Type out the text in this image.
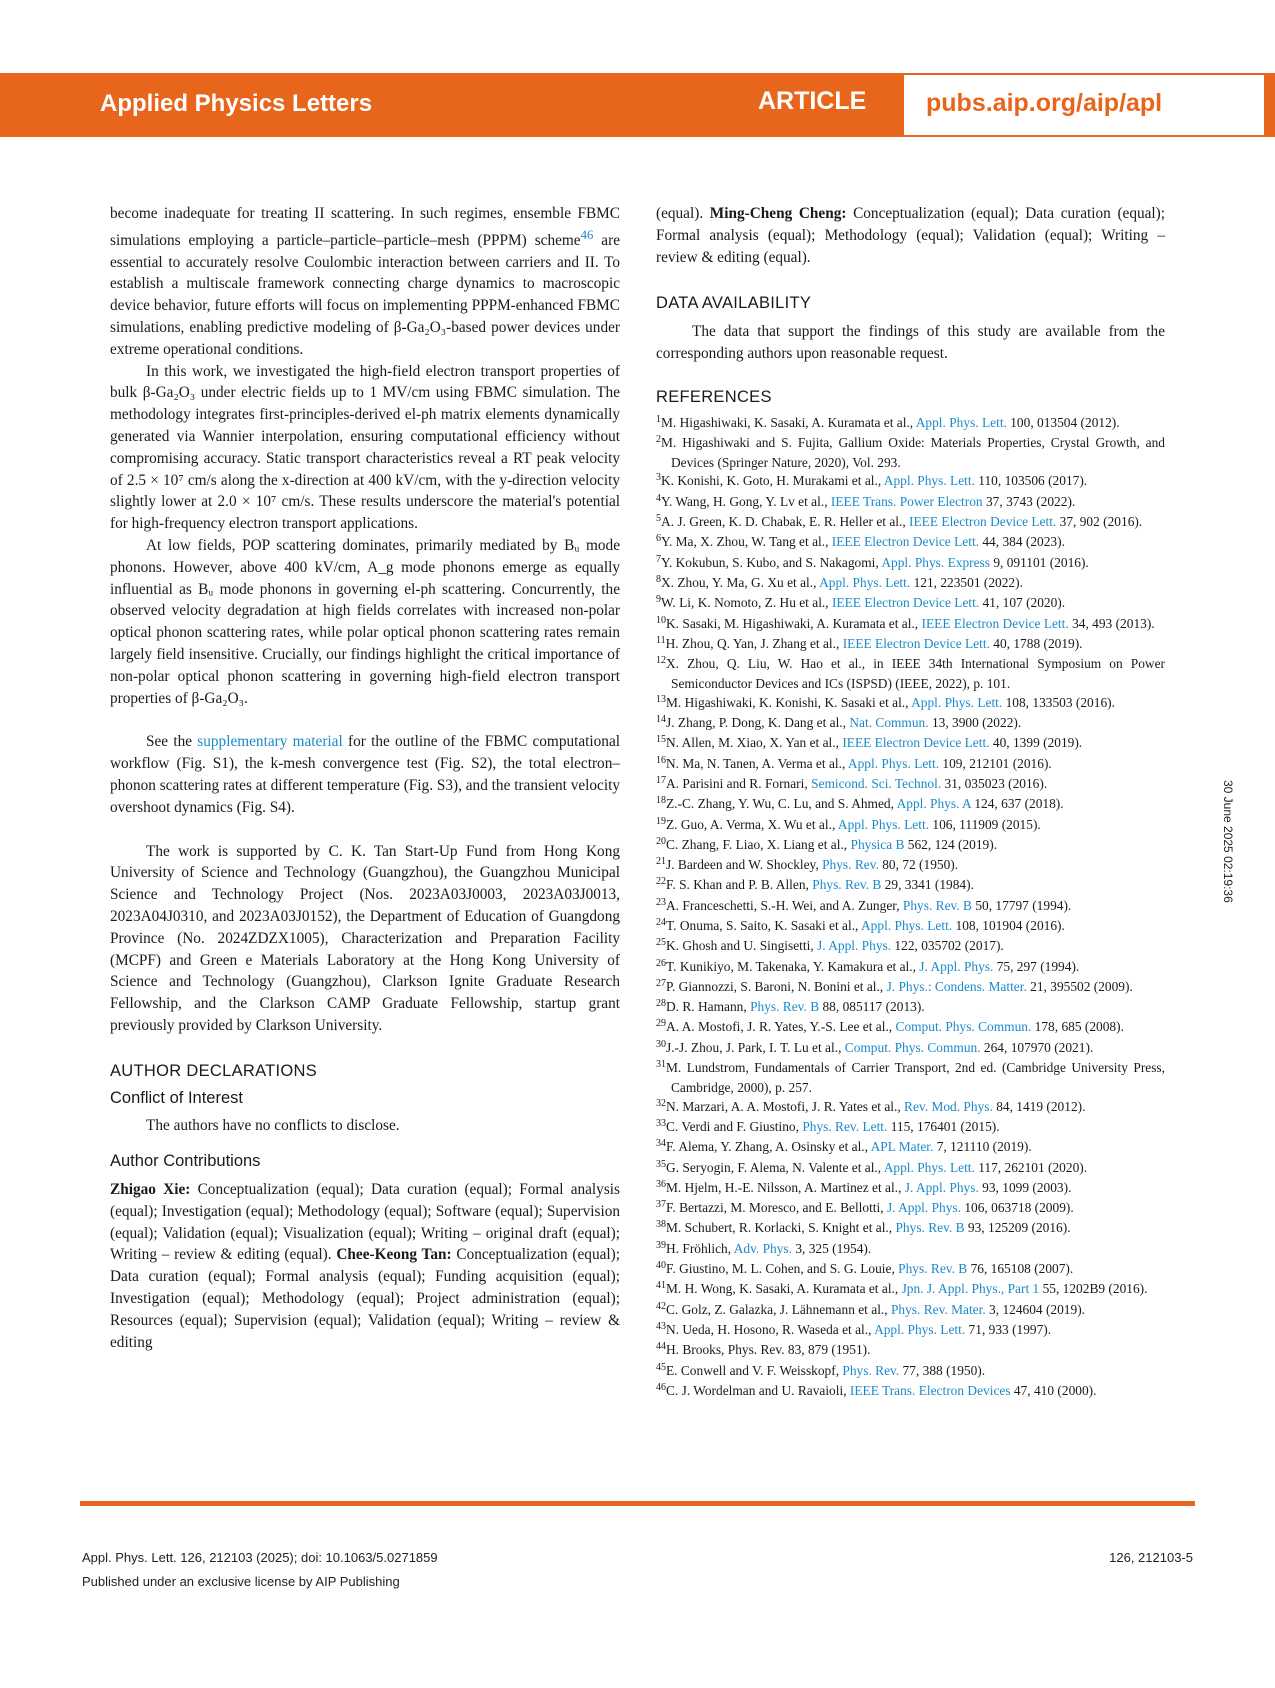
Applied Physics Letters	ARTICLE pubs.aip.org/aip/apl

become inadequate for treating II scattering. In such regimes, ensemble FBMC simulations employing a particle–particle–particle–mesh (PPPM) scheme$^{46}$ are essential to accurately resolve Coulombic interaction between carriers and II. To establish a multiscale framework connecting charge dynamics to macroscopic device behavior, future efforts will focus on implementing PPPM-enhanced FBMC simulations, enabling predictive modeling of β-Ga₂O₃-based power devices under extreme operational conditions.

In this work, we investigated the high-field electron transport properties of bulk β-Ga₂O₃ under electric fields up to 1 MV/cm using FBMC simulation. The methodology integrates first-principles-derived el-ph matrix elements dynamically generated via Wannier interpolation, ensuring computational efficiency without compromising accuracy. Static transport characteristics reveal a RT peak velocity of 2.5 × 10⁷ cm/s along the x-direction at 400 kV/cm, with the y-direction velocity slightly lower at 2.0 × 10⁷ cm/s. These results underscore the material's potential for high-frequency electron transport applications.

At low fields, POP scattering dominates, primarily mediated by Bᵤ mode phonons. However, above 400 kV/cm, A_g mode phonons emerge as equally influential as Bᵤ mode phonons in governing el-ph scattering. Concurrently, the observed velocity degradation at high fields correlates with increased non-polar optical phonon scattering rates, while polar optical phonon scattering rates remain largely field insensitive. Crucially, our findings highlight the critical importance of non-polar optical phonon scattering in governing high-field electron transport properties of β-Ga₂O₃.

See the supplementary material for the outline of the FBMC computational workflow (Fig. S1), the k-mesh convergence test (Fig. S2), the total electron–phonon scattering rates at different temperature (Fig. S3), and the transient velocity overshoot dynamics (Fig. S4).

The work is supported by C. K. Tan Start-Up Fund from Hong Kong University of Science and Technology (Guangzhou), the Guangzhou Municipal Science and Technology Project (Nos. 2023A03J0003, 2023A03J0013, 2023A04J0310, and 2023A03J0152), the Department of Education of Guangdong Province (No. 2024ZDZX1005), Characterization and Preparation Facility (MCPF) and Green e Materials Laboratory at the Hong Kong University of Science and Technology (Guangzhou), Clarkson Ignite Graduate Research Fellowship, and the Clarkson CAMP Graduate Fellowship, startup grant previously provided by Clarkson University.

AUTHOR DECLARATIONS
Conflict of Interest

The authors have no conflicts to disclose.

Author Contributions

Zhigao Xie: Conceptualization (equal); Data curation (equal); Formal analysis (equal); Investigation (equal); Methodology (equal); Software (equal); Supervision (equal); Validation (equal); Visualization (equal); Writing – original draft (equal); Writing – review & editing (equal). Chee-Keong Tan: Conceptualization (equal); Data curation (equal); Formal analysis (equal); Funding acquisition (equal); Investigation (equal); Methodology (equal); Project administration (equal); Resources (equal); Supervision (equal); Validation (equal); Writing – review & editing

(equal). Ming-Cheng Cheng: Conceptualization (equal); Data curation (equal); Formal analysis (equal); Methodology (equal); Validation (equal); Writing – review & editing (equal).

DATA AVAILABILITY

The data that support the findings of this study are available from the corresponding authors upon reasonable request.

REFERENCES
$^1$M. Higashiwaki, K. Sasaki, A. Kuramata et al., Appl. Phys. Lett. 100, 013504 (2012).
$^2$M. Higashiwaki and S. Fujita, Gallium Oxide: Materials Properties, Crystal Growth, and Devices (Springer Nature, 2020), Vol. 293.
$^3$K. Konishi, K. Goto, H. Murakami et al., Appl. Phys. Lett. 110, 103506 (2017).
$^4$Y. Wang, H. Gong, Y. Lv et al., IEEE Trans. Power Electron 37, 3743 (2022).
$^5$A. J. Green, K. D. Chabak, E. R. Heller et al., IEEE Electron Device Lett. 37, 902 (2016).
$^6$Y. Ma, X. Zhou, W. Tang et al., IEEE Electron Device Lett. 44, 384 (2023).
$^7$Y. Kokubun, S. Kubo, and S. Nakagomi, Appl. Phys. Express 9, 091101 (2016).
$^8$X. Zhou, Y. Ma, G. Xu et al., Appl. Phys. Lett. 121, 223501 (2022).
$^9$W. Li, K. Nomoto, Z. Hu et al., IEEE Electron Device Lett. 41, 107 (2020).
$^{10}$K. Sasaki, M. Higashiwaki, A. Kuramata et al., IEEE Electron Device Lett. 34, 493 (2013).
$^{11}$H. Zhou, Q. Yan, J. Zhang et al., IEEE Electron Device Lett. 40, 1788 (2019).
$^{12}$X. Zhou, Q. Liu, W. Hao et al., in IEEE 34th International Symposium on Power Semiconductor Devices and ICs (ISPSD) (IEEE, 2022), p. 101.
$^{13}$M. Higashiwaki, K. Konishi, K. Sasaki et al., Appl. Phys. Lett. 108, 133503 (2016).
$^{14}$J. Zhang, P. Dong, K. Dang et al., Nat. Commun. 13, 3900 (2022).
$^{15}$N. Allen, M. Xiao, X. Yan et al., IEEE Electron Device Lett. 40, 1399 (2019).
$^{16}$N. Ma, N. Tanen, A. Verma et al., Appl. Phys. Lett. 109, 212101 (2016).
$^{17}$A. Parisini and R. Fornari, Semicond. Sci. Technol. 31, 035023 (2016).
$^{18}$Z.-C. Zhang, Y. Wu, C. Lu, and S. Ahmed, Appl. Phys. A 124, 637 (2018).
$^{19}$Z. Guo, A. Verma, X. Wu et al., Appl. Phys. Lett. 106, 111909 (2015).
$^{20}$C. Zhang, F. Liao, X. Liang et al., Physica B 562, 124 (2019).
$^{21}$J. Bardeen and W. Shockley, Phys. Rev. 80, 72 (1950).
$^{22}$F. S. Khan and P. B. Allen, Phys. Rev. B 29, 3341 (1984).
$^{23}$A. Franceschetti, S.-H. Wei, and A. Zunger, Phys. Rev. B 50, 17797 (1994).
$^{24}$T. Onuma, S. Saito, K. Sasaki et al., Appl. Phys. Lett. 108, 101904 (2016).
$^{25}$K. Ghosh and U. Singisetti, J. Appl. Phys. 122, 035702 (2017).
$^{26}$T. Kunikiyo, M. Takenaka, Y. Kamakura et al., J. Appl. Phys. 75, 297 (1994).
$^{27}$P. Giannozzi, S. Baroni, N. Bonini et al., J. Phys.: Condens. Matter. 21, 395502 (2009).
$^{28}$D. R. Hamann, Phys. Rev. B 88, 085117 (2013).
$^{29}$A. A. Mostofi, J. R. Yates, Y.-S. Lee et al., Comput. Phys. Commun. 178, 685 (2008).
$^{30}$J.-J. Zhou, J. Park, I. T. Lu et al., Comput. Phys. Commun. 264, 107970 (2021).
$^{31}$M. Lundstrom, Fundamentals of Carrier Transport, 2nd ed. (Cambridge University Press, Cambridge, 2000), p. 257.
$^{32}$N. Marzari, A. A. Mostofi, J. R. Yates et al., Rev. Mod. Phys. 84, 1419 (2012).
$^{33}$C. Verdi and F. Giustino, Phys. Rev. Lett. 115, 176401 (2015).
$^{34}$F. Alema, Y. Zhang, A. Osinsky et al., APL Mater. 7, 121110 (2019).
$^{35}$G. Seryogin, F. Alema, N. Valente et al., Appl. Phys. Lett. 117, 262101 (2020).
$^{36}$M. Hjelm, H.-E. Nilsson, A. Martinez et al., J. Appl. Phys. 93, 1099 (2003).
$^{37}$F. Bertazzi, M. Moresco, and E. Bellotti, J. Appl. Phys. 106, 063718 (2009).
$^{38}$M. Schubert, R. Korlacki, S. Knight et al., Phys. Rev. B 93, 125209 (2016).
$^{39}$H. Fröhlich, Adv. Phys. 3, 325 (1954).
$^{40}$F. Giustino, M. L. Cohen, and S. G. Louie, Phys. Rev. B 76, 165108 (2007).
$^{41}$M. H. Wong, K. Sasaki, A. Kuramata et al., Jpn. J. Appl. Phys., Part 1 55, 1202B9 (2016).
$^{42}$C. Golz, Z. Galazka, J. Lähnemann et al., Phys. Rev. Mater. 3, 124604 (2019).
$^{43}$N. Ueda, H. Hosono, R. Waseda et al., Appl. Phys. Lett. 71, 933 (1997).
$^{44}$H. Brooks, Phys. Rev. 83, 879 (1951).
$^{45}$E. Conwell and V. F. Weisskopf, Phys. Rev. 77, 388 (1950).
$^{46}$C. J. Wordelman and U. Ravaioli, IEEE Trans. Electron Devices 47, 410 (2000).
30 June 2025 02:19:36
Appl. Phys. Lett. 126, 212103 (2025); doi: 10.1063/5.0271859
Published under an exclusive license by AIP Publishing
126, 212103-5
